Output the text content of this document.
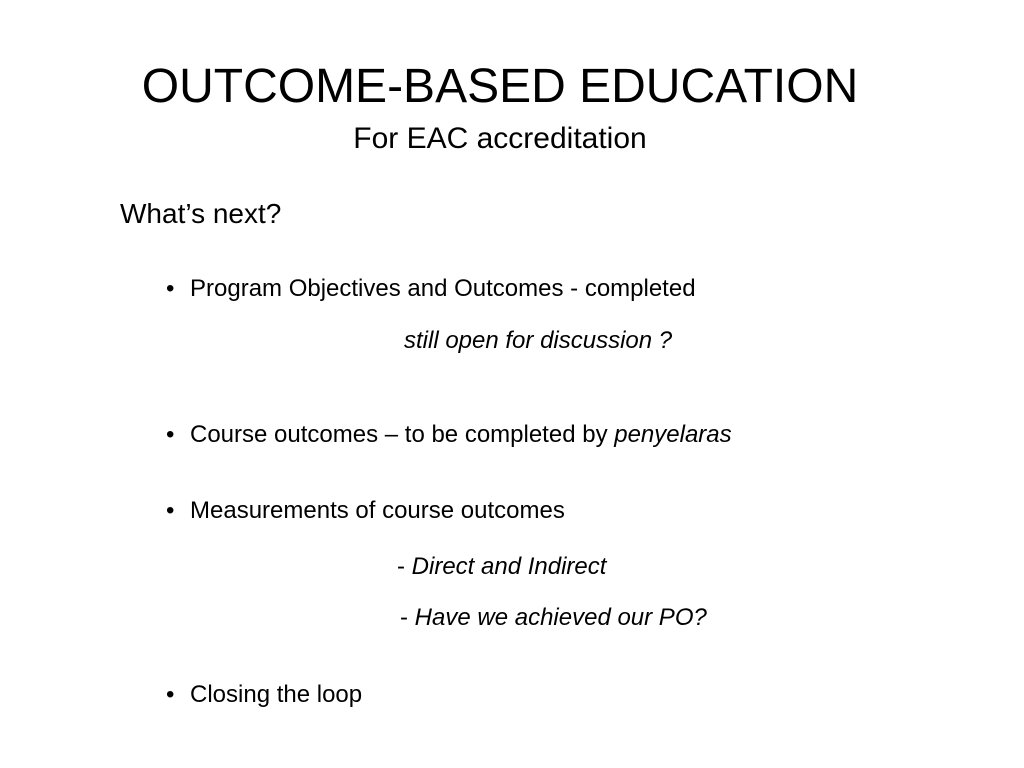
OUTCOME-BASED EDUCATION
For EAC accreditation
What’s next?
• Program Objectives and Outcomes - completed
still open for discussion ?
• Course outcomes – to be completed by penyelaras
• Measurements of course outcomes
- Direct and Indirect
- Have we achieved our PO?
• Closing the loop
